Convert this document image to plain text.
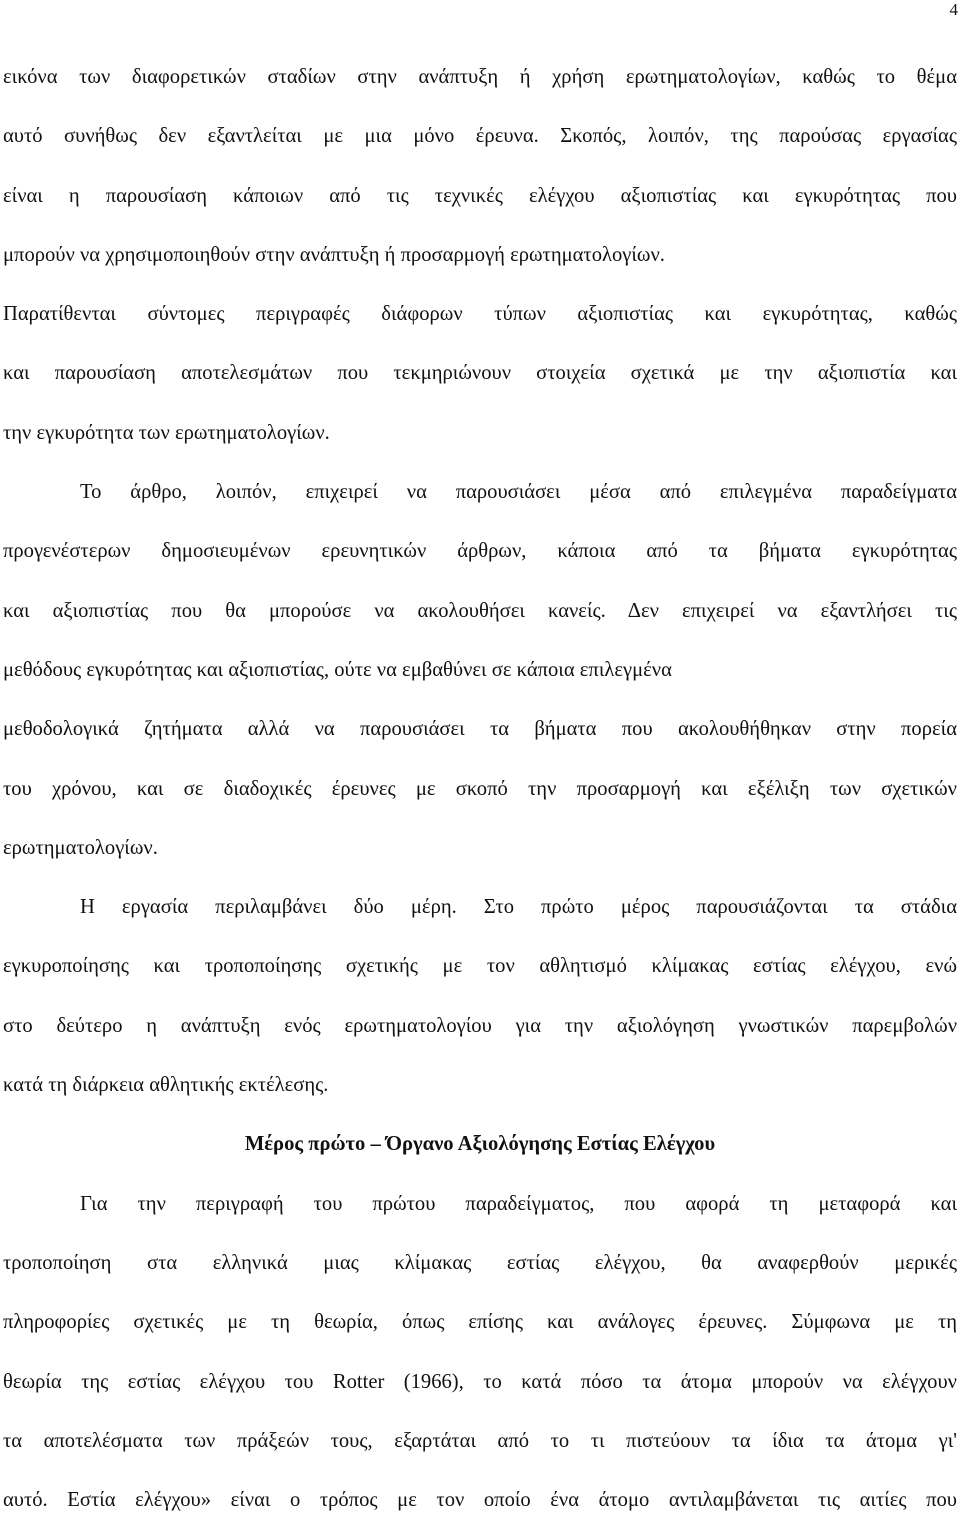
4
εικόνα των διαφορετικών σταδίων στην ανάπτυξη ή χρήση ερωτηματολογίων, καθώς το θέμα
αυτό συνήθως δεν εξαντλείται με μια μόνο έρευνα. Σκοπός, λοιπόν, της παρούσας εργασίας
είναι η παρουσίαση κάποιων από τις τεχνικές ελέγχου αξιοπιστίας και εγκυρότητας που
μπορούν να χρησιμοποιηθούν στην ανάπτυξη ή προσαρμογή ερωτηματολογίων.
Παρατίθενται σύντομες περιγραφές διάφορων τύπων αξιοπιστίας και εγκυρότητας, καθώς
και παρουσίαση αποτελεσμάτων που τεκμηριώνουν στοιχεία σχετικά με την αξιοπιστία και
την εγκυρότητα των ερωτηματολογίων.
Το άρθρο, λοιπόν, επιχειρεί να παρουσιάσει μέσα από επιλεγμένα παραδείγματα
προγενέστερων δημοσιευμένων ερευνητικών άρθρων, κάποια από τα βήματα εγκυρότητας
και αξιοπιστίας που θα μπορούσε να ακολουθήσει κανείς. Δεν επιχειρεί να εξαντλήσει τις
μεθόδους εγκυρότητας και αξιοπιστίας, ούτε να εμβαθύνει σε κάποια επιλεγμένα
μεθοδολογικά ζητήματα αλλά να παρουσιάσει τα βήματα που ακολουθήθηκαν στην πορεία
του χρόνου, και σε διαδοχικές έρευνες με σκοπό την προσαρμογή και εξέλιξη των σχετικών
ερωτηματολογίων.
Η εργασία περιλαμβάνει δύο μέρη. Στο πρώτο μέρος παρουσιάζονται τα στάδια
εγκυροποίησης και τροποποίησης σχετικής με τον αθλητισμό κλίμακας εστίας ελέγχου, ενώ
στο δεύτερο η ανάπτυξη ενός ερωτηματολογίου για την αξιολόγηση γνωστικών παρεμβολών
κατά τη διάρκεια αθλητικής εκτέλεσης.
Μέρος πρώτο – Όργανο Αξιολόγησης Εστίας Ελέγχου
Για την περιγραφή του πρώτου παραδείγματος, που αφορά τη μεταφορά και
τροποποίηση στα ελληνικά μιας κλίμακας εστίας ελέγχου, θα αναφερθούν μερικές
πληροφορίες σχετικές με τη θεωρία, όπως επίσης και ανάλογες έρευνες. Σύμφωνα με τη
θεωρία της εστίας ελέγχου του Rotter (1966), το κατά πόσο τα άτομα μπορούν να ελέγχουν
τα αποτελέσματα των πράξεών τους, εξαρτάται από το τι πιστεύουν τα ίδια τα άτομα γι'
αυτό. Εστία ελέγχου» είναι ο τρόπος με τον οποίο ένα άτομο αντιλαμβάνεται τις αιτίες που
